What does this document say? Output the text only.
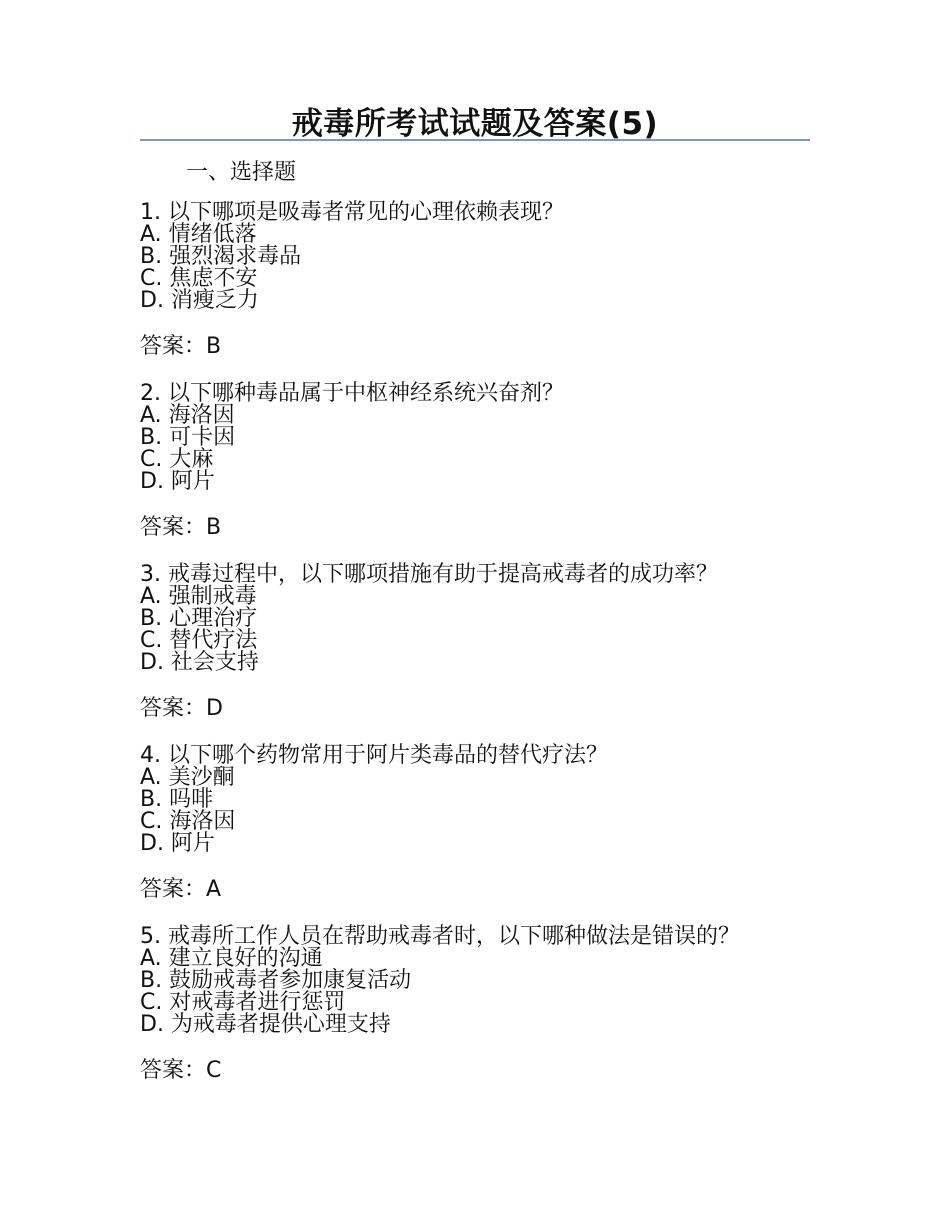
戒毒所考试试题及答案(5)
一、选择题

1. 以下哪项是吸毒者常见的心理依赖表现？

A. 情绪低落

B. 强烈渴求毒品

C. 焦虑不安

D. 消瘦乏力

答案：B

2. 以下哪种毒品属于中枢神经系统兴奋剂？

A. 海洛因

B. 可卡因

C. 大麻

D. 阿片

答案：B

3. 戒毒过程中，以下哪项措施有助于提高戒毒者的成功率？

A. 强制戒毒

B. 心理治疗

C. 替代疗法

D. 社会支持

答案：D

4. 以下哪个药物常用于阿片类毒品的替代疗法？

A. 美沙酮

B. 吗啡

C. 海洛因

D. 阿片

答案：A

5. 戒毒所工作人员在帮助戒毒者时，以下哪种做法是错误的？

A. 建立良好的沟通

B. 鼓励戒毒者参加康复活动

C. 对戒毒者进行惩罚

D. 为戒毒者提供心理支持

答案：C
